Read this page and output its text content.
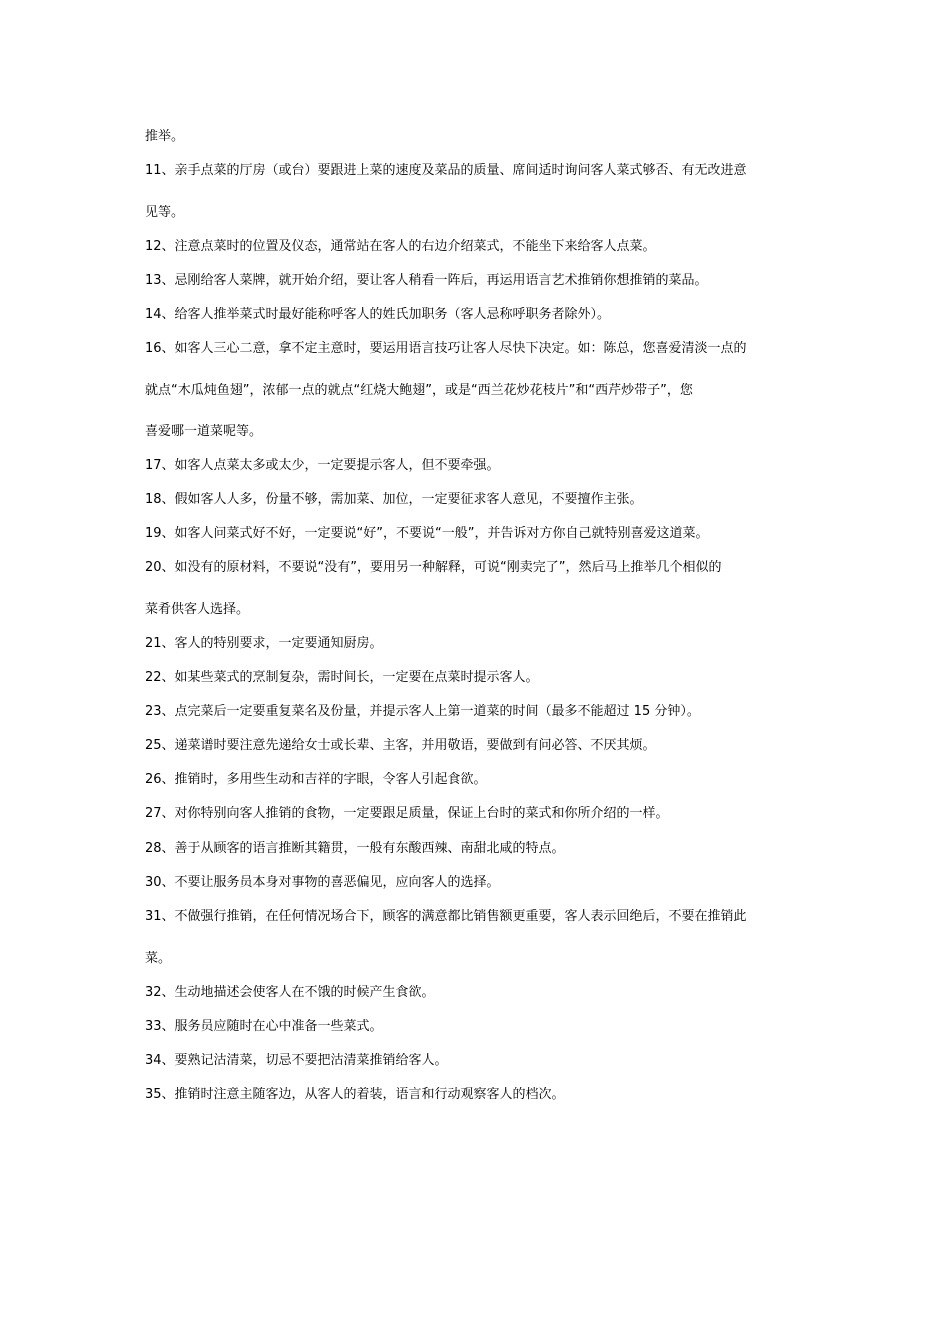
推举。
11、亲手点菜的厅房（或台）要跟进上菜的速度及菜品的质量、席间适时询问客人菜式够否、有无改进意
见等。
12、注意点菜时的位置及仪态，通常站在客人的右边介绍菜式，不能坐下来给客人点菜。
13、忌刚给客人菜牌，就开始介绍，要让客人稍看一阵后，再运用语言艺术推销你想推销的菜品。
14、给客人推举菜式时最好能称呼客人的姓氏加职务（客人忌称呼职务者除外）。
16、如客人三心二意，拿不定主意时，要运用语言技巧让客人尽快下决定。如：陈总，您喜爱清淡一点的
就点“木瓜炖鱼翅”，浓郁一点的就点“红烧大鲍翅”，或是“西兰花炒花枝片”和“西芹炒带子”，您
喜爱哪一道菜呢等。
17、如客人点菜太多或太少，一定要提示客人，但不要牵强。
18、假如客人人多，份量不够，需加菜、加位，一定要征求客人意见，不要擅作主张。
19、如客人问菜式好不好，一定要说“好”，不要说“一般”，并告诉对方你自己就特别喜爱这道菜。
20、如没有的原材料，不要说“没有”，要用另一种解释，可说“刚卖完了”，然后马上推举几个相似的
菜肴供客人选择。
21、客人的特别要求，一定要通知厨房。
22、如某些菜式的烹制复杂，需时间长，一定要在点菜时提示客人。
23、点完菜后一定要重复菜名及份量，并提示客人上第一道菜的时间（最多不能超过 15 分钟）。
25、递菜谱时要注意先递给女士或长辈、主客，并用敬语，要做到有问必答、不厌其烦。
26、推销时，多用些生动和吉祥的字眼，令客人引起食欲。
27、对你特别向客人推销的食物，一定要跟足质量，保证上台时的菜式和你所介绍的一样。
28、善于从顾客的语言推断其籍贯，一般有东酸西辣、南甜北咸的特点。
30、不要让服务员本身对事物的喜恶偏见，应向客人的选择。
31、不做强行推销，在任何情况场合下，顾客的满意都比销售额更重要，客人表示回绝后，不要在推销此
菜。
32、生动地描述会使客人在不饿的时候产生食欲。
33、服务员应随时在心中准备一些菜式。
34、要熟记沽清菜，切忌不要把沽清菜推销给客人。
35、推销时注意主随客边，从客人的着装，语言和行动观察客人的档次。
